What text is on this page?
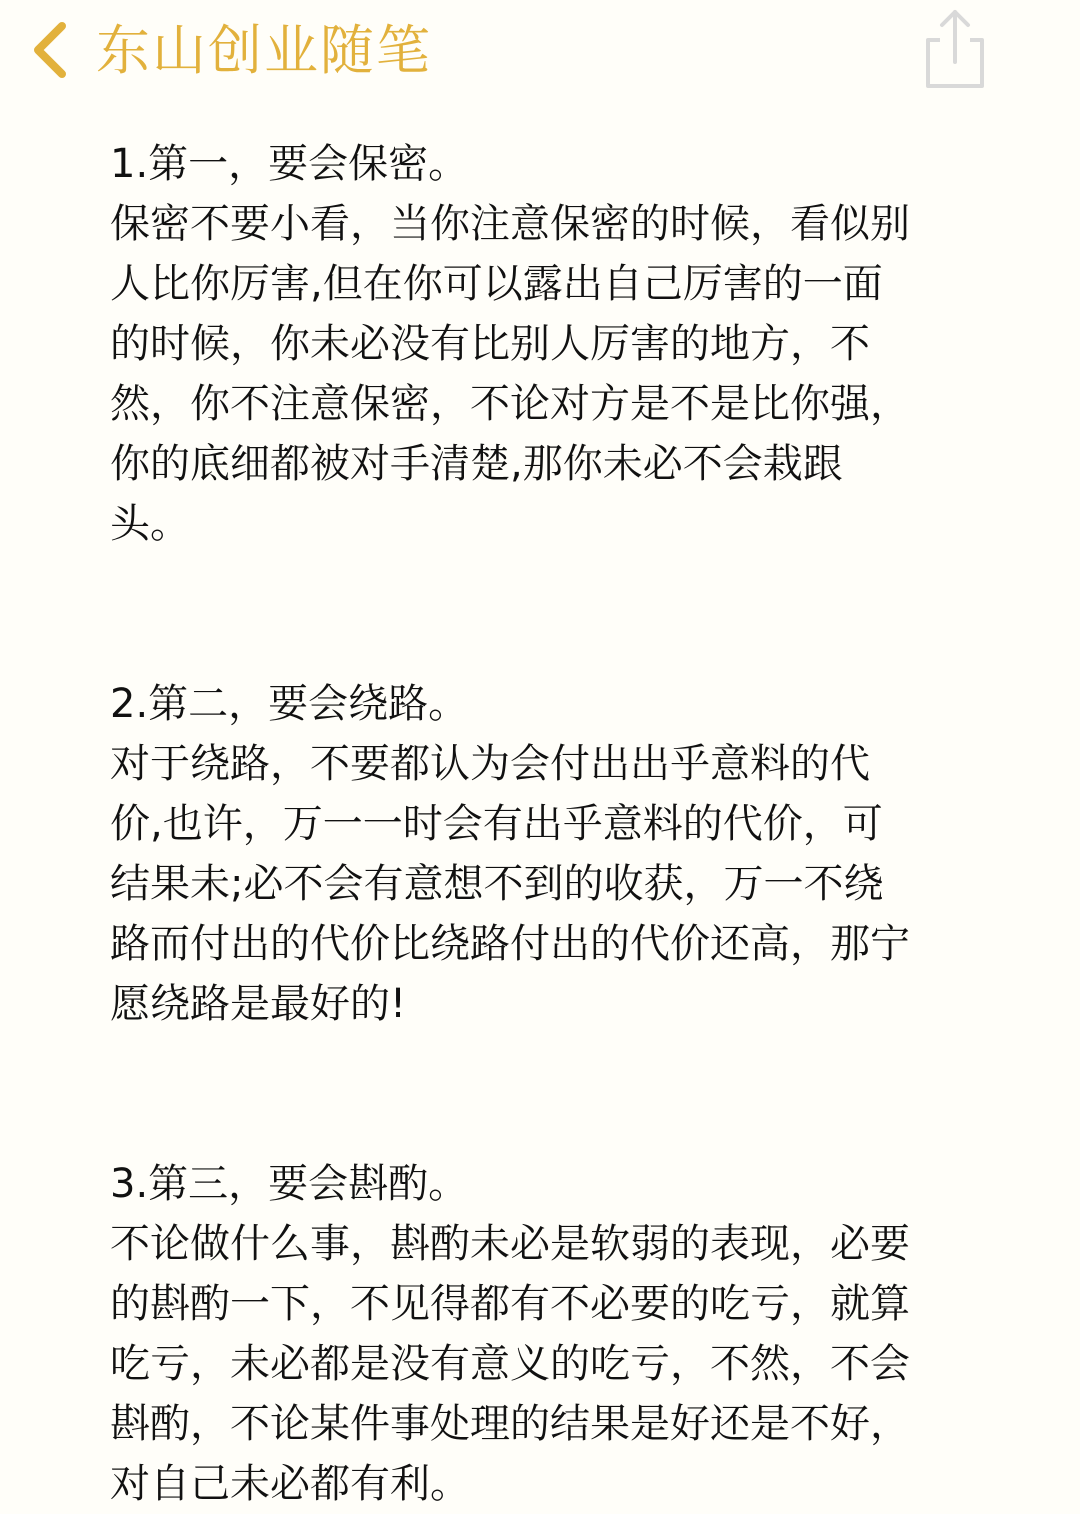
东山创业随笔
1.第一，要会保密。
保密不要小看，当你注意保密的时候，看似别
人比你厉害,但在你可以露出自己厉害的一面
的时候，你未必没有比别人厉害的地方，不
然，你不注意保密，不论对方是不是比你强，
你的底细都被对手清楚,那你未必不会栽跟
头。
2.第二，要会绕路。
对于绕路，不要都认为会付出出乎意料的代
价,也许，万一一时会有出乎意料的代价，可
结果未;必不会有意想不到的收获，万一不绕
路而付出的代价比绕路付出的代价还高，那宁
愿绕路是最好的!
3.第三，要会斟酌。
不论做什么事，斟酌未必是软弱的表现，必要
的斟酌一下，不见得都有不必要的吃亏，就算
吃亏，未必都是没有意义的吃亏，不然，不会
斟酌，不论某件事处理的结果是好还是不好，
对自己未必都有利。
